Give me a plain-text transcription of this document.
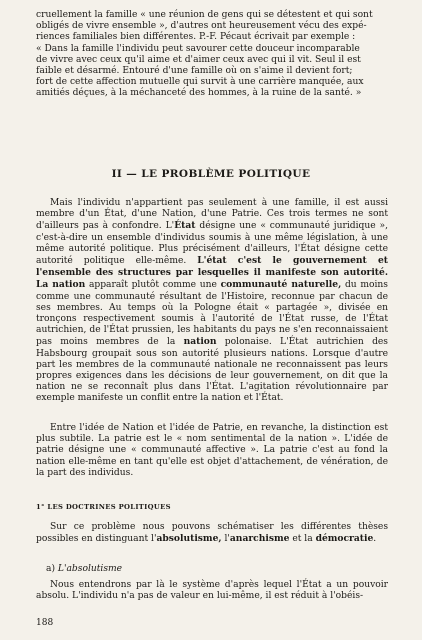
cruellement la famille « une réunion de gens qui se détestent et qui sont

obligés de vivre ensemble », d'autres ont heureusement vécu des expé-

riences familiales bien différentes. P.-F. Pécaut écrivait par exemple :

« Dans la famille l'individu peut savourer cette douceur incomparable

de vivre avec ceux qu'il aime et d'aimer ceux avec qui il vit. Seul il est

faible et désarmé. Entouré d'une famille où on s'aime il devient fort;

fort de cette affection mutuelle qui survit à une carrière manquée, aux

amitiés déçues, à la méchanceté des hommes, à la ruine de la santé. »

II — LE PROBLÈME POLITIQUE

Mais l'individu n'appartient pas seulement à une famille, il est aussi membre d'un État, d'une Nation, d'une Patrie. Ces trois termes ne sont d'ailleurs pas à confondre. L'État désigne une « communauté juridique », c'est-à-dire un ensemble d'individus soumis à une même législation, à une même autorité politique. Plus précisément d'ailleurs, l'État désigne cette autorité politique elle-même. L'état c'est le gouvernement et l'ensemble des structures par lesquelles il manifeste son autorité. La nation apparaît plutôt comme une communauté naturelle, du moins comme une communauté résultant de l'Histoire, reconnue par chacun de ses membres. Au temps où la Pologne était « partagée », divisée en tronçons respectivement soumis à l'autorité de l'État russe, de l'État autrichien, de l'État prussien, les habitants du pays ne s'en reconnaissaient pas moins membres de la nation polonaise. L'État autrichien des Habsbourg groupait sous son autorité plusieurs nations. Lorsque d'autre part les membres de la communauté nationale ne reconnaissent pas leurs propres exigences dans les décisions de leur gouvernement, on dit que la nation ne se reconnaît plus dans l'État. L'agitation révolutionnaire par exemple manifeste un conflit entre la nation et l'État.

Entre l'idée de Nation et l'idée de Patrie, en revanche, la distinction est plus subtile. La patrie est le « nom sentimental de la nation ». L'idée de patrie désigne une « communauté affective ». La patrie c'est au fond la nation elle-même en tant qu'elle est objet d'attachement, de vénération, de la part des individus.

1° LES DOCTRINES POLITIQUES

Sur ce problème nous pouvons schématiser les différentes thèses possibles en distinguant l'absolutisme, l'anarchisme et la démocratie.

a) L'absolutisme

Nous entendrons par là le système d'après lequel l'État a un pouvoir absolu. L'individu n'a pas de valeur en lui-même, il est réduit à l'obéis-

188
